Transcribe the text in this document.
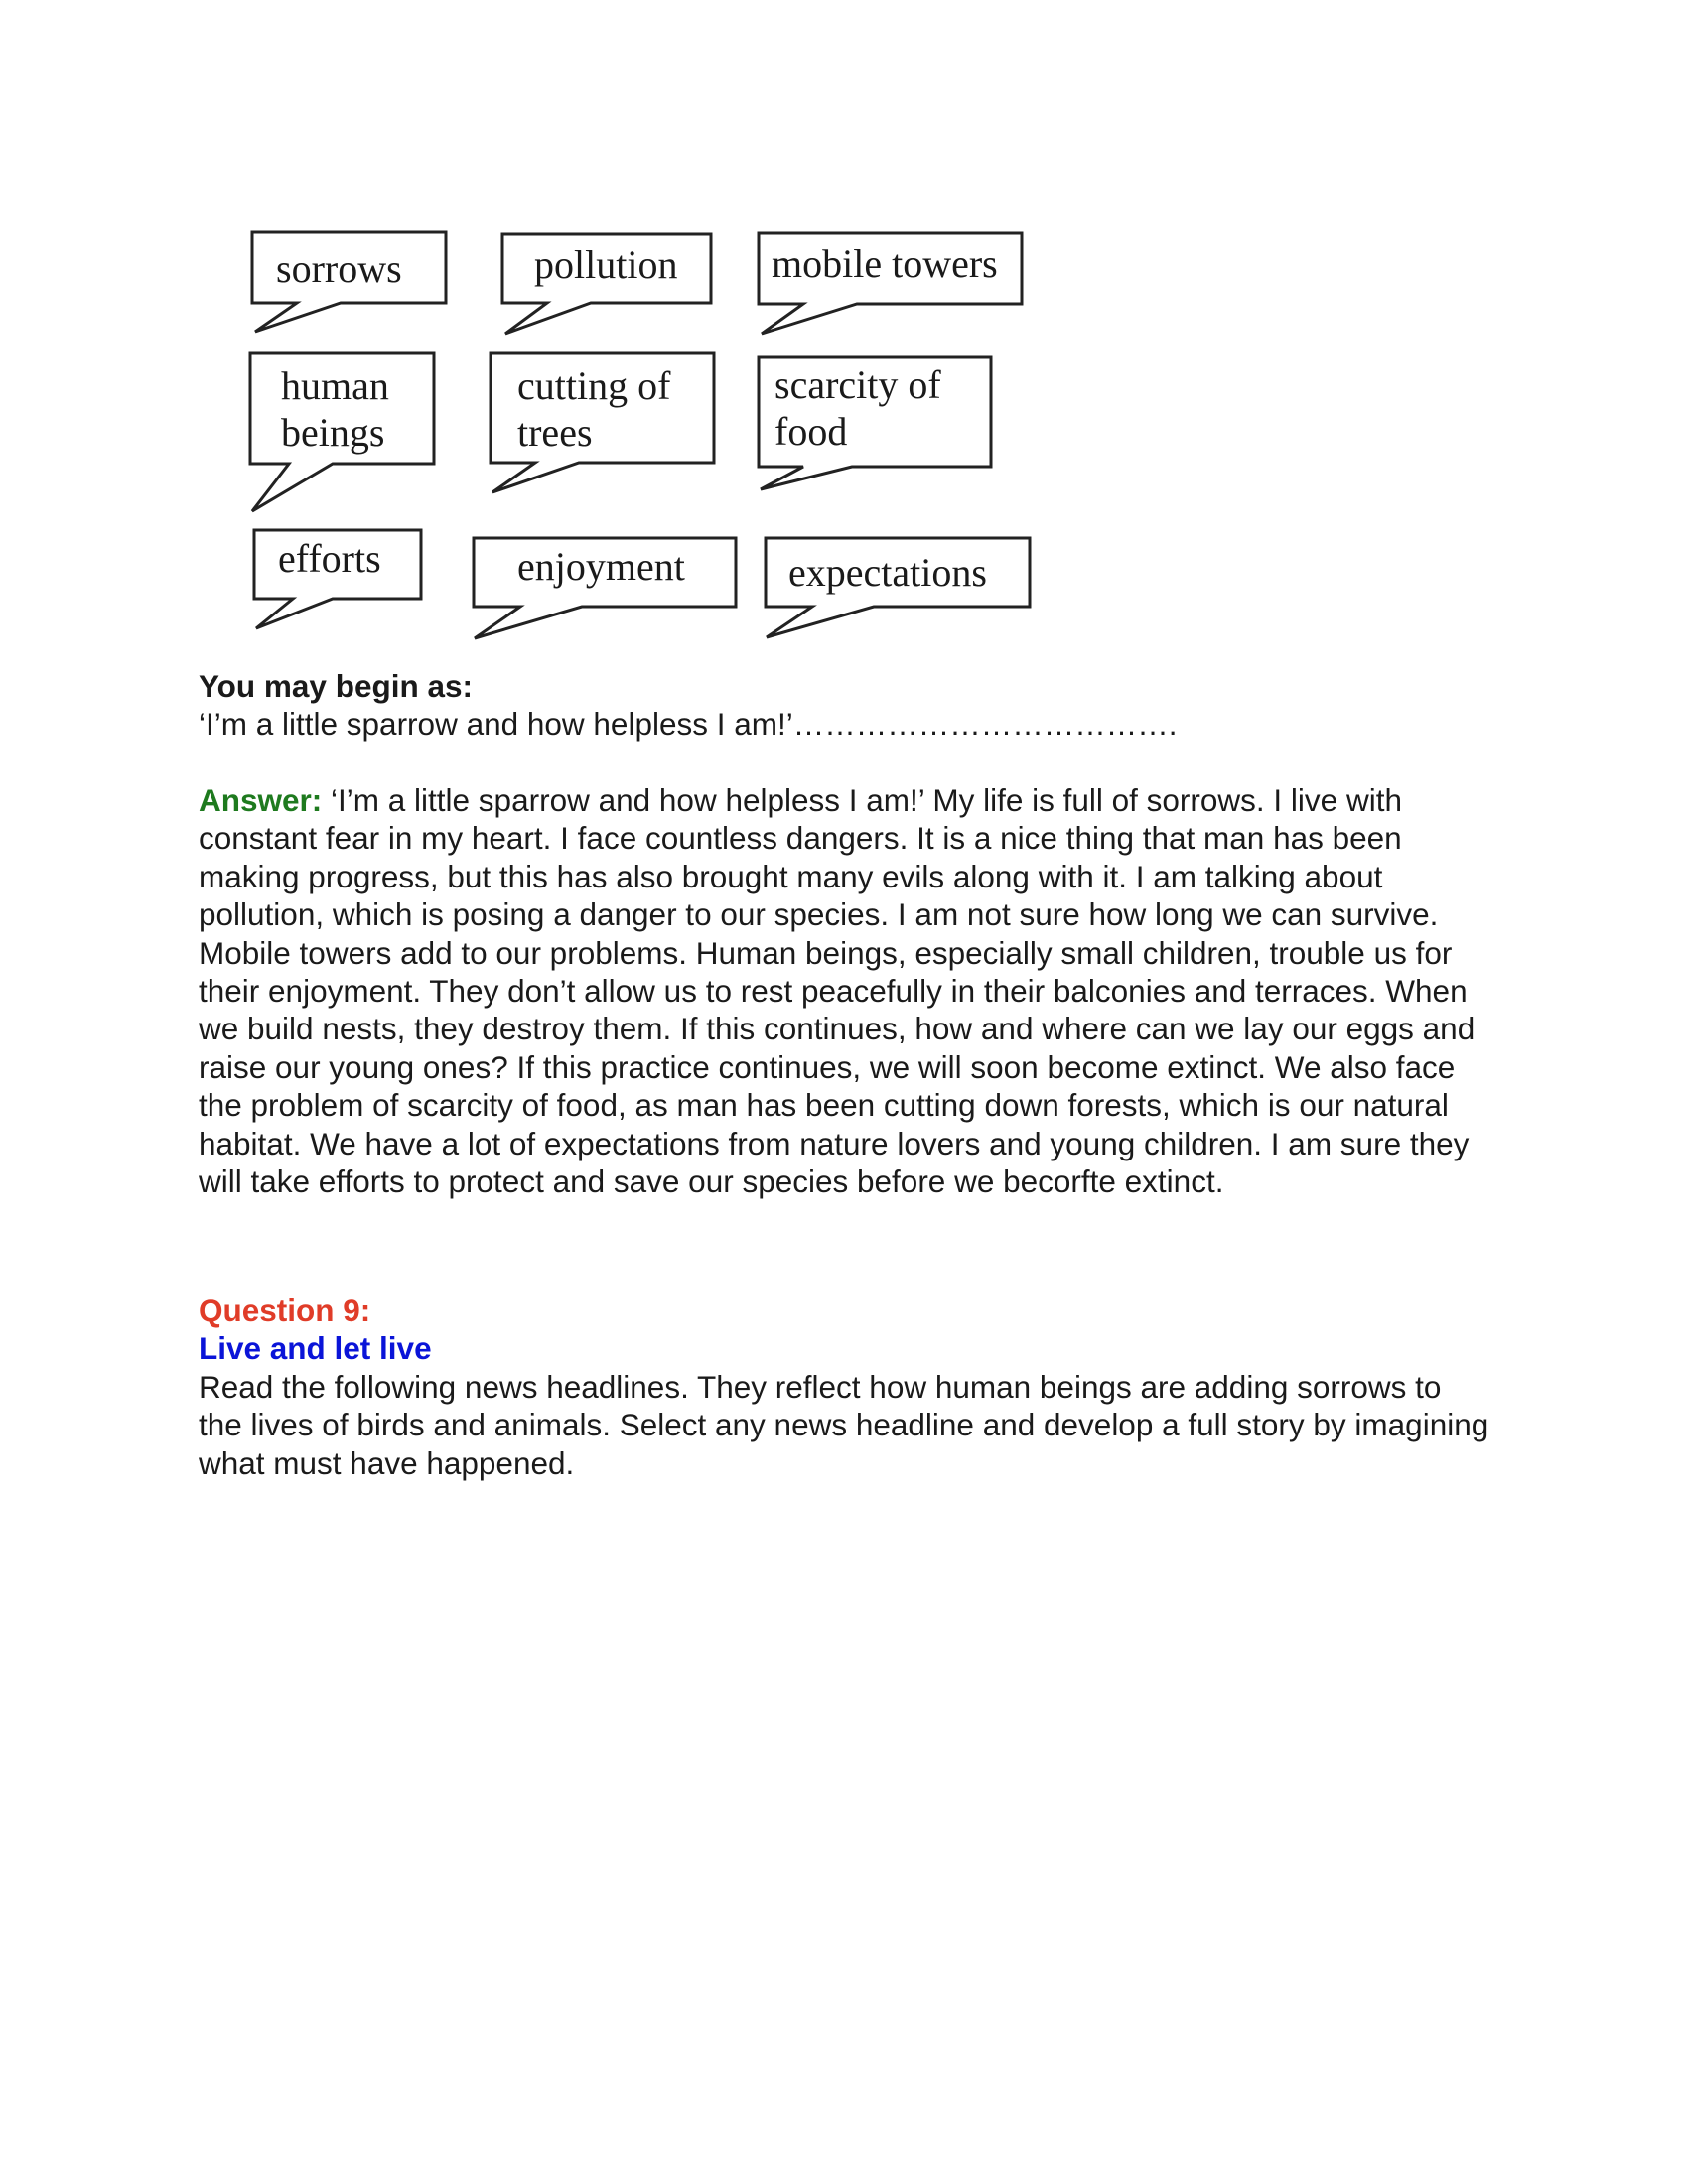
sorrows	pollution mobile towers
human
beings
cutting of
trees
scarcity of
food
efforts	enjoyment	expectations
You may begin as:
‘I’m a little sparrow and how helpless I am!’……………………………….
Answer: ‘I’m a little sparrow and how helpless I am!’ My life is full of sorrows. I live with constant fear in my heart. I face countless dangers. It is a nice thing that man has been making progress, but this has also brought many evils along with it. I am talking about pollution, which is posing a danger to our species. I am not sure how long we can survive. Mobile towers add to our problems. Human beings, especially small children, trouble us for their enjoyment. They don’t allow us to rest peacefully in their balconies and terraces. When we build nests, they destroy them. If this continues, how and where can we lay our eggs and raise our young ones? If this practice continues, we will soon become extinct. We also face the problem of scarcity of food, as man has been cutting down forests, which is our natural habitat. We have a lot of expectations from nature lovers and young children. I am sure they will take efforts to protect and save our species before we becorfte extinct.
Question 9:
Live and let live
Read the following news headlines. They reflect how human beings are adding sorrows to the lives of birds and animals. Select any news headline and develop a full story by imagining what must have happened.
